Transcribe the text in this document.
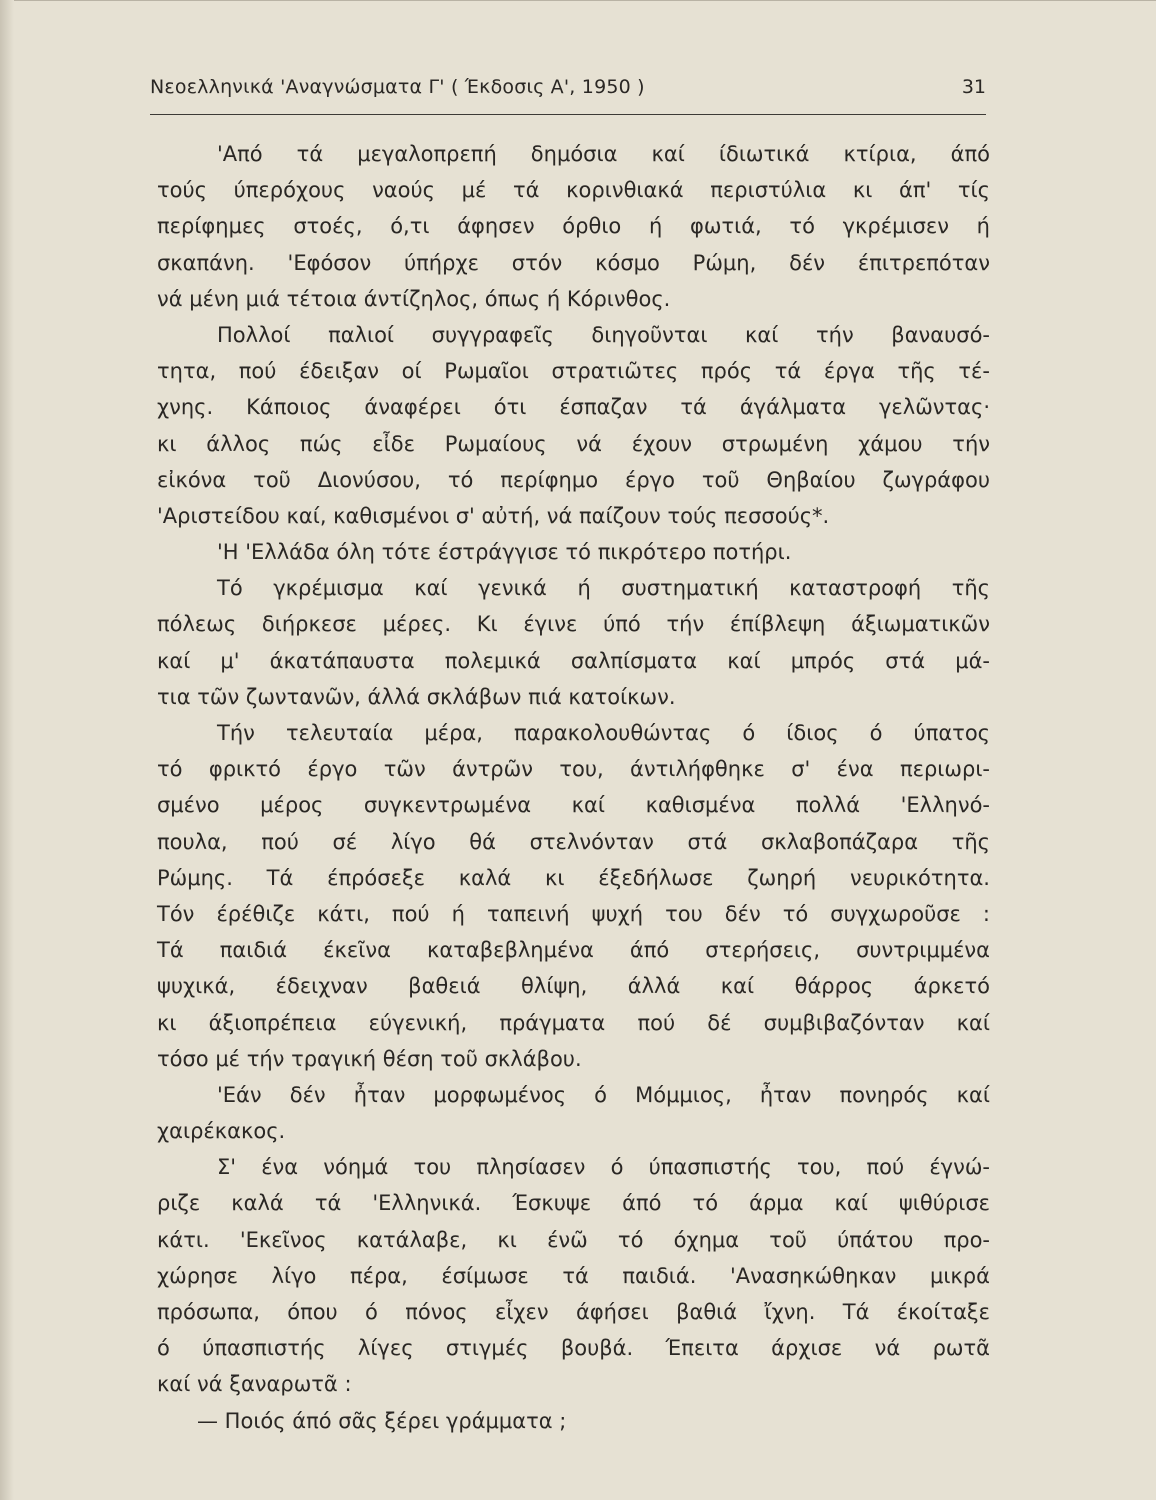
Νεοελληνικά 'Αναγνώσματα Γ' ( Έκδοσις Α', 1950 )	31
'Από τά μεγαλοπρεπή δημόσια καί ίδιωτικά κτίρια, άπό
τούς ύπερόχους ναούς μέ τά κορινθιακά περιστύλια κι άπ' τίς
περίφημες στοές, ό,τι άφησεν όρθιο ή φωτιά, τό γκρέμισεν ή
σκαπάνη. 'Εφόσον ύπήρχε στόν κόσμο Ρώμη, δέν έπιτρεπόταν
νά μένη μιά τέτοια άντίζηλος, όπως ή Κόρινθος.
Πολλοί παλιοί συγγραφεῖς διηγοῦνται καί τήν βαναυσό-
τητα, πού έδειξαν οί Ρωμαῖοι στρατιῶτες πρός τά έργα τῆς τέ-
χνης. Κάποιος άναφέρει ότι έσπαζαν τά άγάλματα γελῶντας·
κι άλλος πώς εἶδε Ρωμαίους νά έχουν στρωμένη χάμου τήν
εἰκόνα τοῦ Διονύσου, τό περίφημο έργο τοῦ Θηβαίου ζωγράφου
'Αριστείδου καί, καθισμένοι σ' αὐτή, νά παίζουν τούς πεσσούς*.
'Η 'Ελλάδα όλη τότε έστράγγισε τό πικρότερο ποτήρι.
Τό γκρέμισμα καί γενικά ή συστηματική καταστροφή τῆς
πόλεως διήρκεσε μέρες. Κι έγινε ύπό τήν έπίβλεψη άξιωματικῶν
καί μ' άκατάπαυστα πολεμικά σαλπίσματα καί μπρός στά μά-
τια τῶν ζωντανῶν, άλλά σκλάβων πιά κατοίκων.
Τήν τελευταία μέρα, παρακολουθώντας ό ίδιος ό ύπατος
τό φρικτό έργο τῶν άντρῶν του, άντιλήφθηκε σ' ένα περιωρι-
σμένο μέρος συγκεντρωμένα καί καθισμένα πολλά 'Ελληνό-
πουλα, πού σέ λίγο θά στελνόνταν στά σκλαβοπάζαρα τῆς
Ρώμης. Τά έπρόσεξε καλά κι έξεδήλωσε ζωηρή νευρικότητα.
Τόν έρέθιζε κάτι, πού ή ταπεινή ψυχή του δέν τό συγχωροῦσε :
Τά παιδιά έκεῖνα καταβεβλημένα άπό στερήσεις, συντριμμένα
ψυχικά, έδειχναν βαθειά θλίψη, άλλά καί θάρρος άρκετό
κι άξιοπρέπεια εύγενική, πράγματα πού δέ συμβιβαζόνταν καί
τόσο μέ τήν τραγική θέση τοῦ σκλάβου.
'Εάν δέν ἦταν μορφωμένος ό Μόμμιος, ἦταν πονηρός καί
χαιρέκακος.
Σ' ένα νόημά του πλησίασεν ό ύπασπιστής του, πού έγνώ-
ριζε καλά τά 'Ελληνικά. Έσκυψε άπό τό άρμα καί ψιθύρισε
κάτι. 'Εκεῖνος κατάλαβε, κι ένῶ τό όχημα τοῦ ύπάτου προ-
χώρησε λίγο πέρα, έσίμωσε τά παιδιά. 'Ανασηκώθηκαν μικρά
πρόσωπα, όπου ό πόνος εἶχεν άφήσει βαθιά ἴχνη. Τά έκοίταξε
ό ύπασπιστής λίγες στιγμές βουβά. Έπειτα άρχισε νά ρωτᾶ
καί νά ξαναρωτᾶ :
— Ποιός άπό σᾶς ξέρει γράμματα ;
